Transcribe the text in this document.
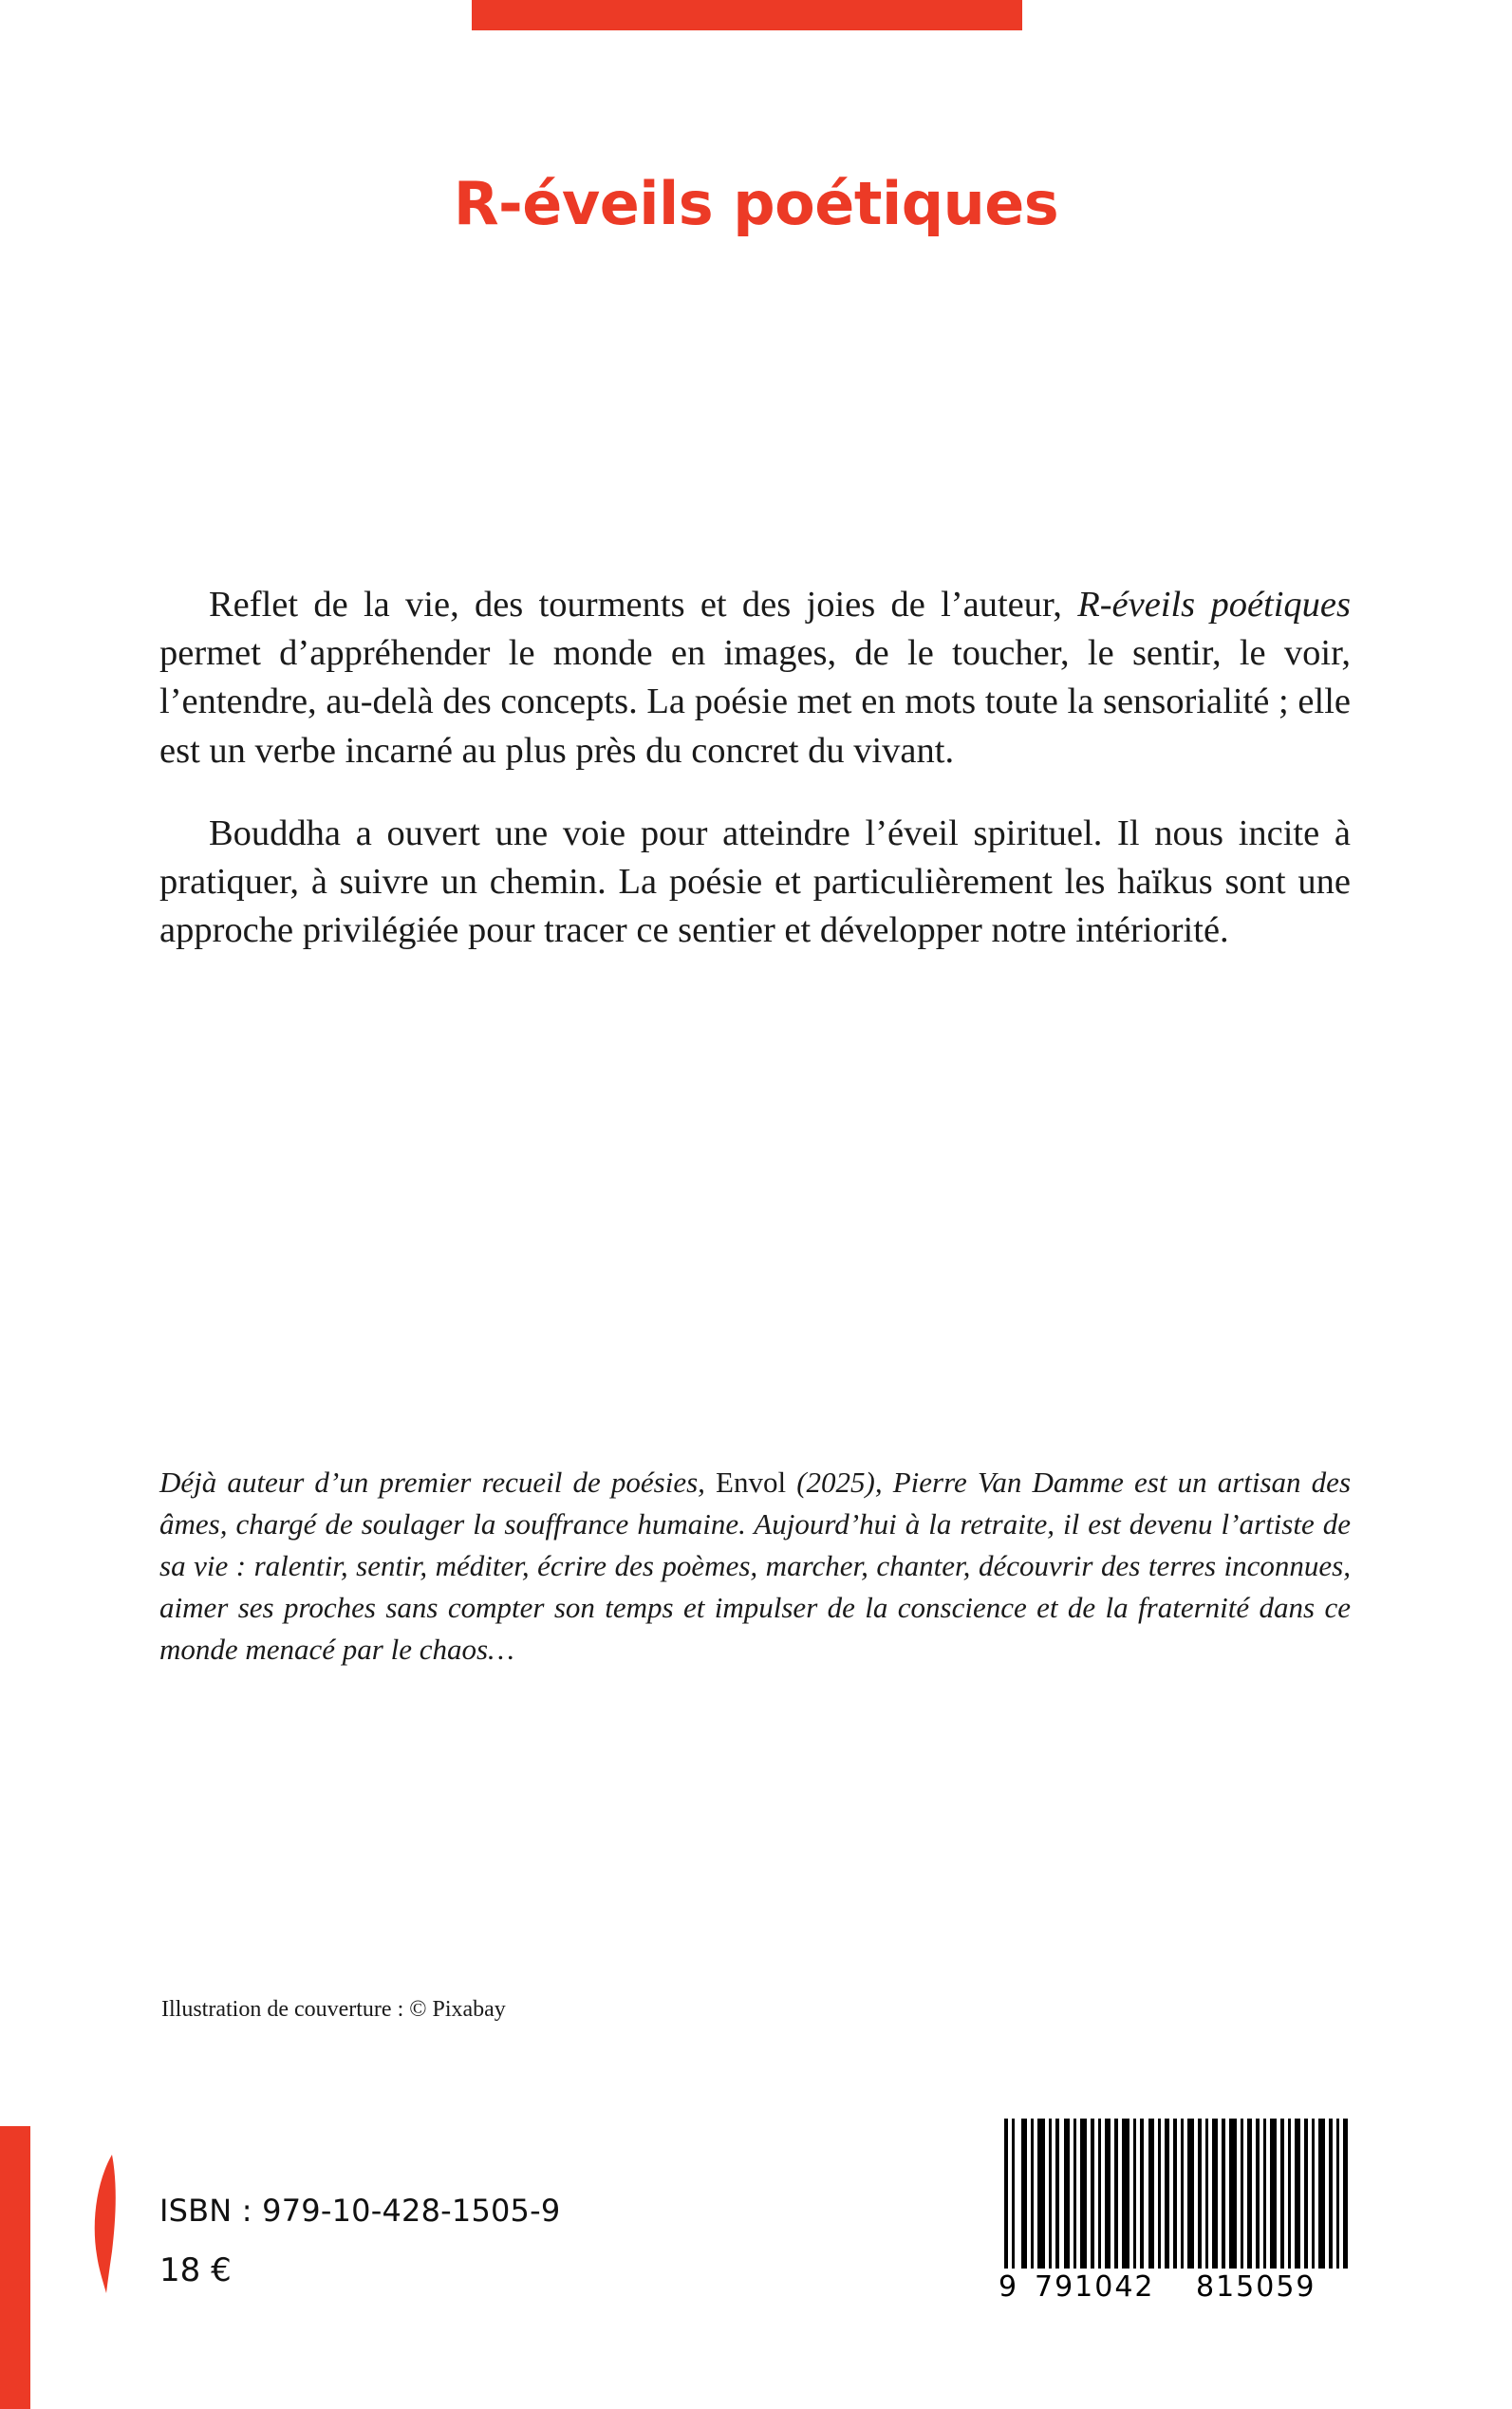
R-éveils poétiques

Reflet de la vie, des tourments et des joies de l’auteur, R-éveils poétiques permet d’appréhender le monde en images, de le toucher, le sentir, le voir, l’entendre, au-delà des concepts. La poésie met en mots toute la sensorialité ; elle est un verbe incarné au plus près du concret du vivant.

Bouddha a ouvert une voie pour atteindre l’éveil spirituel. Il nous incite à pratiquer, à suivre un chemin. La poésie et particulièrement les haïkus sont une approche privilégiée pour tracer ce sentier et développer notre intériorité.

Déjà auteur d’un premier recueil de poésies, Envol (2025), Pierre Van Damme est un artisan des âmes, chargé de soulager la souffrance humaine. Aujourd’hui à la retraite, il est devenu l’artiste de sa vie : ralentir, sentir, méditer, écrire des poèmes, marcher, chanter, découvrir des terres inconnues, aimer ses proches sans compter son temps et impulser de la conscience et de la fraternité dans ce monde menacé par le chaos…
Illustration de couverture : © Pixabay
ISBN : 979-10-428-1505-9
18 €	9 791042 815059
